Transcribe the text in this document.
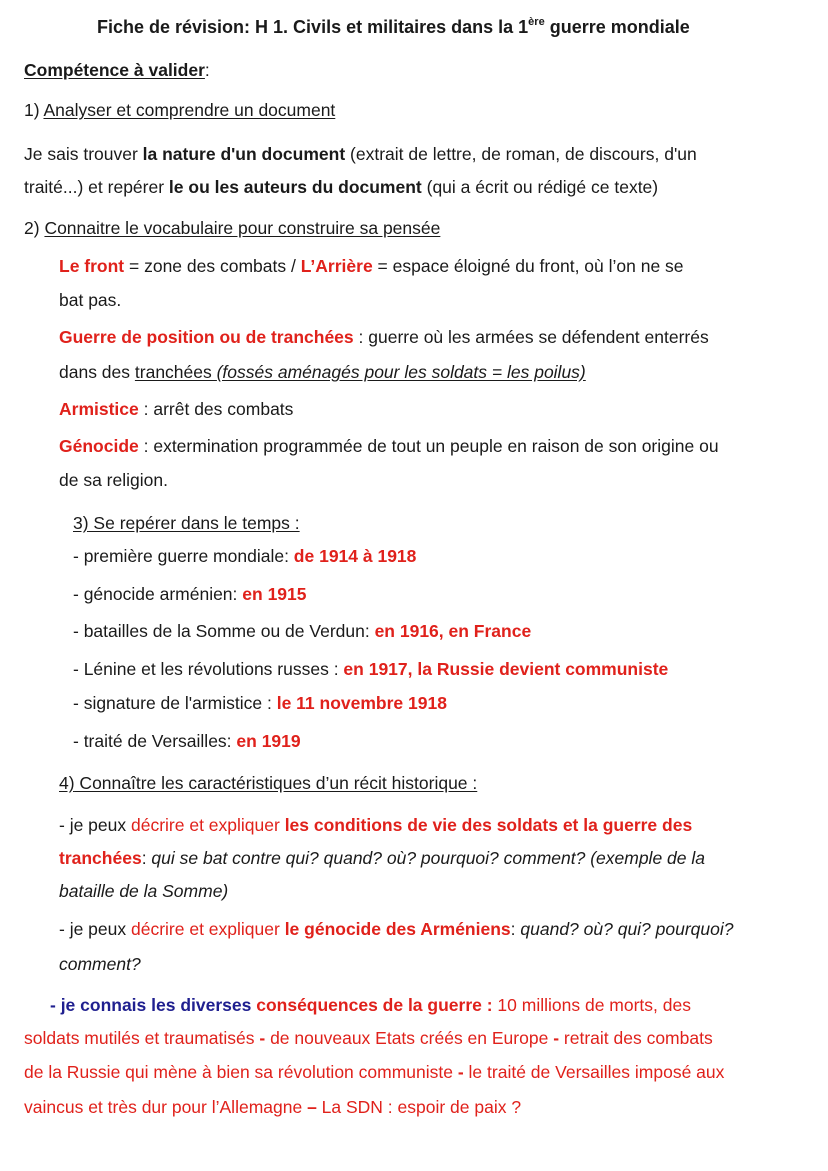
Fiche de révision: H 1. Civils et militaires dans la 1ère guerre mondiale
Compétence à valider:
1) Analyser et comprendre un document
Je sais trouver la nature d'un document (extrait de lettre, de roman, de discours, d'un
traité...) et repérer le ou les auteurs du document (qui a écrit ou rédigé ce texte)
2) Connaitre le vocabulaire pour construire sa pensée
Le front = zone des combats / L’Arrière = espace éloigné du front, où l’on ne se
bat pas.
Guerre de position ou de tranchées : guerre où les armées se défendent enterrés
dans des tranchées (fossés aménagés pour les soldats = les poilus)
Armistice : arrêt des combats
Génocide : extermination programmée de tout un peuple en raison de son origine ou
de sa religion.
3) Se repérer dans le temps :
- première guerre mondiale: de 1914 à 1918
- génocide arménien: en 1915
- batailles de la Somme ou de Verdun: en 1916, en France
- Lénine et les révolutions russes : en 1917, la Russie devient communiste
- signature de l'armistice : le 11 novembre 1918
- traité de Versailles: en 1919
4) Connaître les caractéristiques d’un récit historique :
- je peux décrire et expliquer les conditions de vie des soldats et la guerre des
tranchées: qui se bat contre qui? quand? où? pourquoi? comment? (exemple de la
bataille de la Somme)
- je peux décrire et expliquer le génocide des Arméniens: quand? où? qui? pourquoi?
comment?
- je connais les diverses conséquences de la guerre : 10 millions de morts, des
soldats mutilés et traumatisés - de nouveaux Etats créés en Europe - retrait des combats
de la Russie qui mène à bien sa révolution communiste - le traité de Versailles imposé aux
vaincus et très dur pour l’Allemagne – La SDN : espoir de paix ?
